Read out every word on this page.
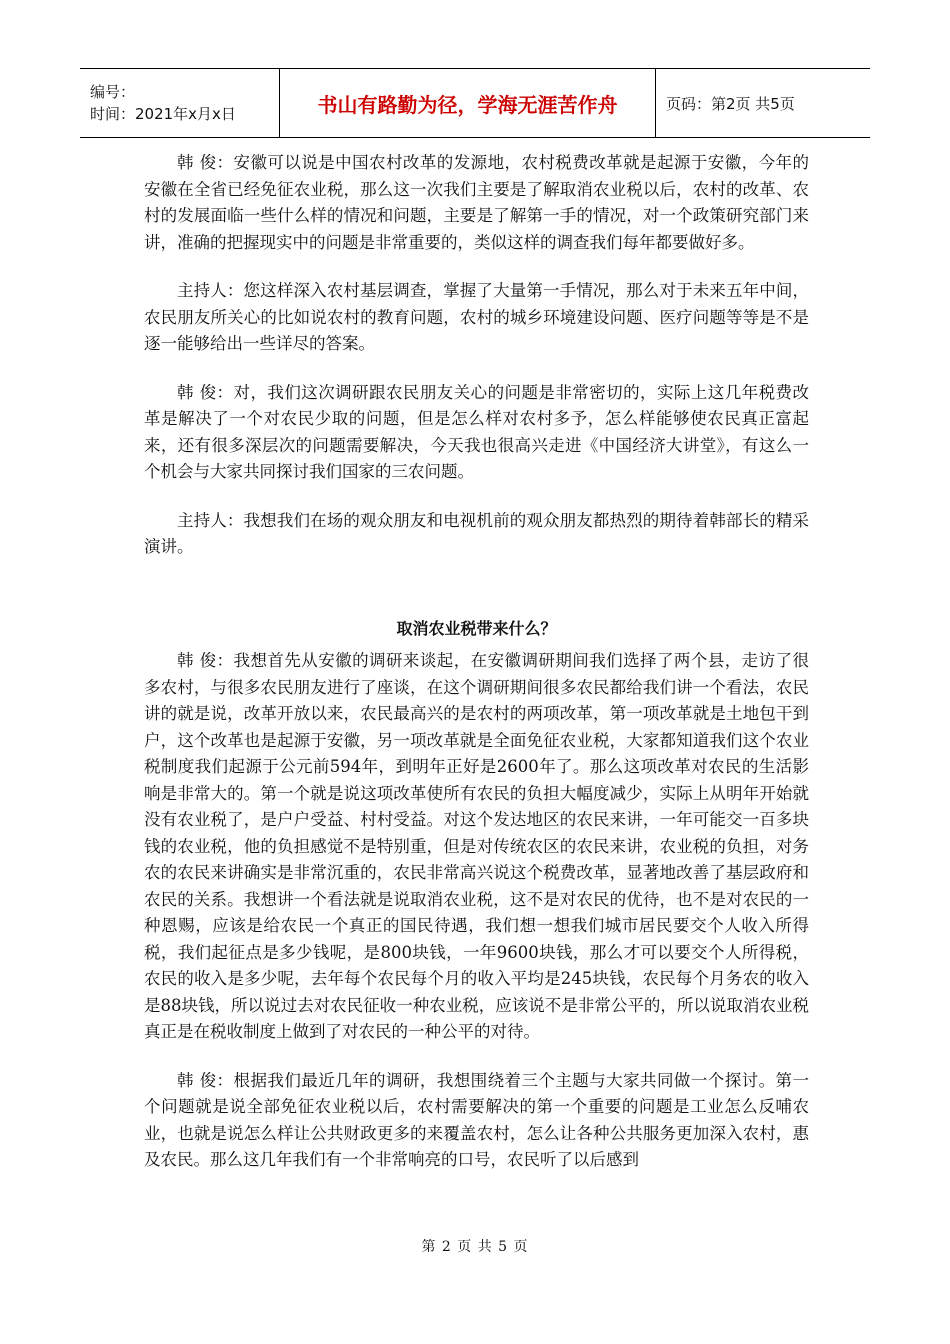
编号：
时间：2021年x月x日	书山有路勤为径，学海无涯苦作舟	页码：第2页 共5页

韩 俊：安徽可以说是中国农村改革的发源地，农村税费改革就是起源于安徽，今年的安徽在全省已经免征农业税，那么这一次我们主要是了解取消农业税以后，农村的改革、农村的发展面临一些什么样的情况和问题，主要是了解第一手的情况，对一个政策研究部门来讲，准确的把握现实中的问题是非常重要的，类似这样的调查我们每年都要做好多。

主持人：您这样深入农村基层调查，掌握了大量第一手情况，那么对于未来五年中间，农民朋友所关心的比如说农村的教育问题，农村的城乡环境建设问题、医疗问题等等是不是逐一能够给出一些详尽的答案。

韩 俊：对，我们这次调研跟农民朋友关心的问题是非常密切的，实际上这几年税费改革是解决了一个对农民少取的问题，但是怎么样对农村多予，怎么样能够使农民真正富起来，还有很多深层次的问题需要解决，今天我也很高兴走进《中国经济大讲堂》，有这么一个机会与大家共同探讨我们国家的三农问题。

主持人：我想我们在场的观众朋友和电视机前的观众朋友都热烈的期待着韩部长的精采演讲。

取消农业税带来什么？

韩 俊：我想首先从安徽的调研来谈起，在安徽调研期间我们选择了两个县，走访了很多农村，与很多农民朋友进行了座谈，在这个调研期间很多农民都给我们讲一个看法，农民讲的就是说，改革开放以来，农民最高兴的是农村的两项改革，第一项改革就是土地包干到户，这个改革也是起源于安徽，另一项改革就是全面免征农业税，大家都知道我们这个农业税制度我们起源于公元前594年，到明年正好是2600年了。那么这项改革对农民的生活影响是非常大的。第一个就是说这项改革使所有农民的负担大幅度减少，实际上从明年开始就没有农业税了，是户户受益、村村受益。对这个发达地区的农民来讲，一年可能交一百多块钱的农业税，他的负担感觉不是特别重，但是对传统农区的农民来讲，农业税的负担，对务农的农民来讲确实是非常沉重的，农民非常高兴说这个税费改革，显著地改善了基层政府和农民的关系。我想讲一个看法就是说取消农业税，这不是对农民的优待，也不是对农民的一种恩赐，应该是给农民一个真正的国民待遇，我们想一想我们城市居民要交个人收入所得税，我们起征点是多少钱呢，是800块钱，一年9600块钱，那么才可以要交个人所得税，农民的收入是多少呢，去年每个农民每个月的收入平均是245块钱，农民每个月务农的收入是88块钱，所以说过去对农民征收一种农业税，应该说不是非常公平的，所以说取消农业税真正是在税收制度上做到了对农民的一种公平的对待。

韩 俊：根据我们最近几年的调研，我想围绕着三个主题与大家共同做一个探讨。第一个问题就是说全部免征农业税以后，农村需要解决的第一个重要的问题是工业怎么反哺农业，也就是说怎么样让公共财政更多的来覆盖农村，怎么让各种公共服务更加深入农村，惠及农民。那么这几年我们有一个非常响亮的口号，农民听了以后感到

第 2 页 共 5 页
